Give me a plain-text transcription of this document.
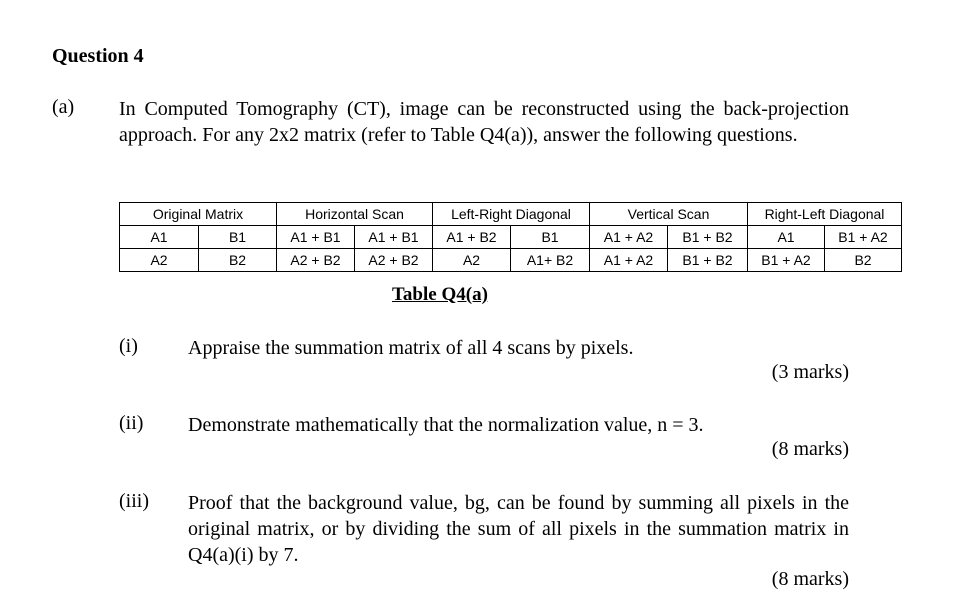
Question 4
(a) In Computed Tomography (CT), image can be reconstructed using the back-projection approach. For any 2x2 matrix (refer to Table Q4(a)), answer the following questions.
Original Matrix		Horizontal Scan		Left-Right Diagonal		Vertical Scan		Right-Left Diagonal	
A1	B1	A1 + B1	A1 + B1	A1 + B2	B1	A1 + A2	B1 + B2	A1	B1 + A2
A2	B2	A2 + B2	A2 + B2	A2	A1+ B2	A1 + A2	B1 + B2	B1 + A2	B2
Table Q4(a)
(i)	Appraise the summation matrix of all 4 scans by pixels.
(3 marks)
(ii) Demonstrate mathematically that the normalization value, n = 3.
(8 marks)
(iii) Proof that the background value, bg, can be found by summing all pixels in the original matrix, or by dividing the sum of all pixels in the summation matrix in Q4(a)(i) by 7.
(8 marks)
